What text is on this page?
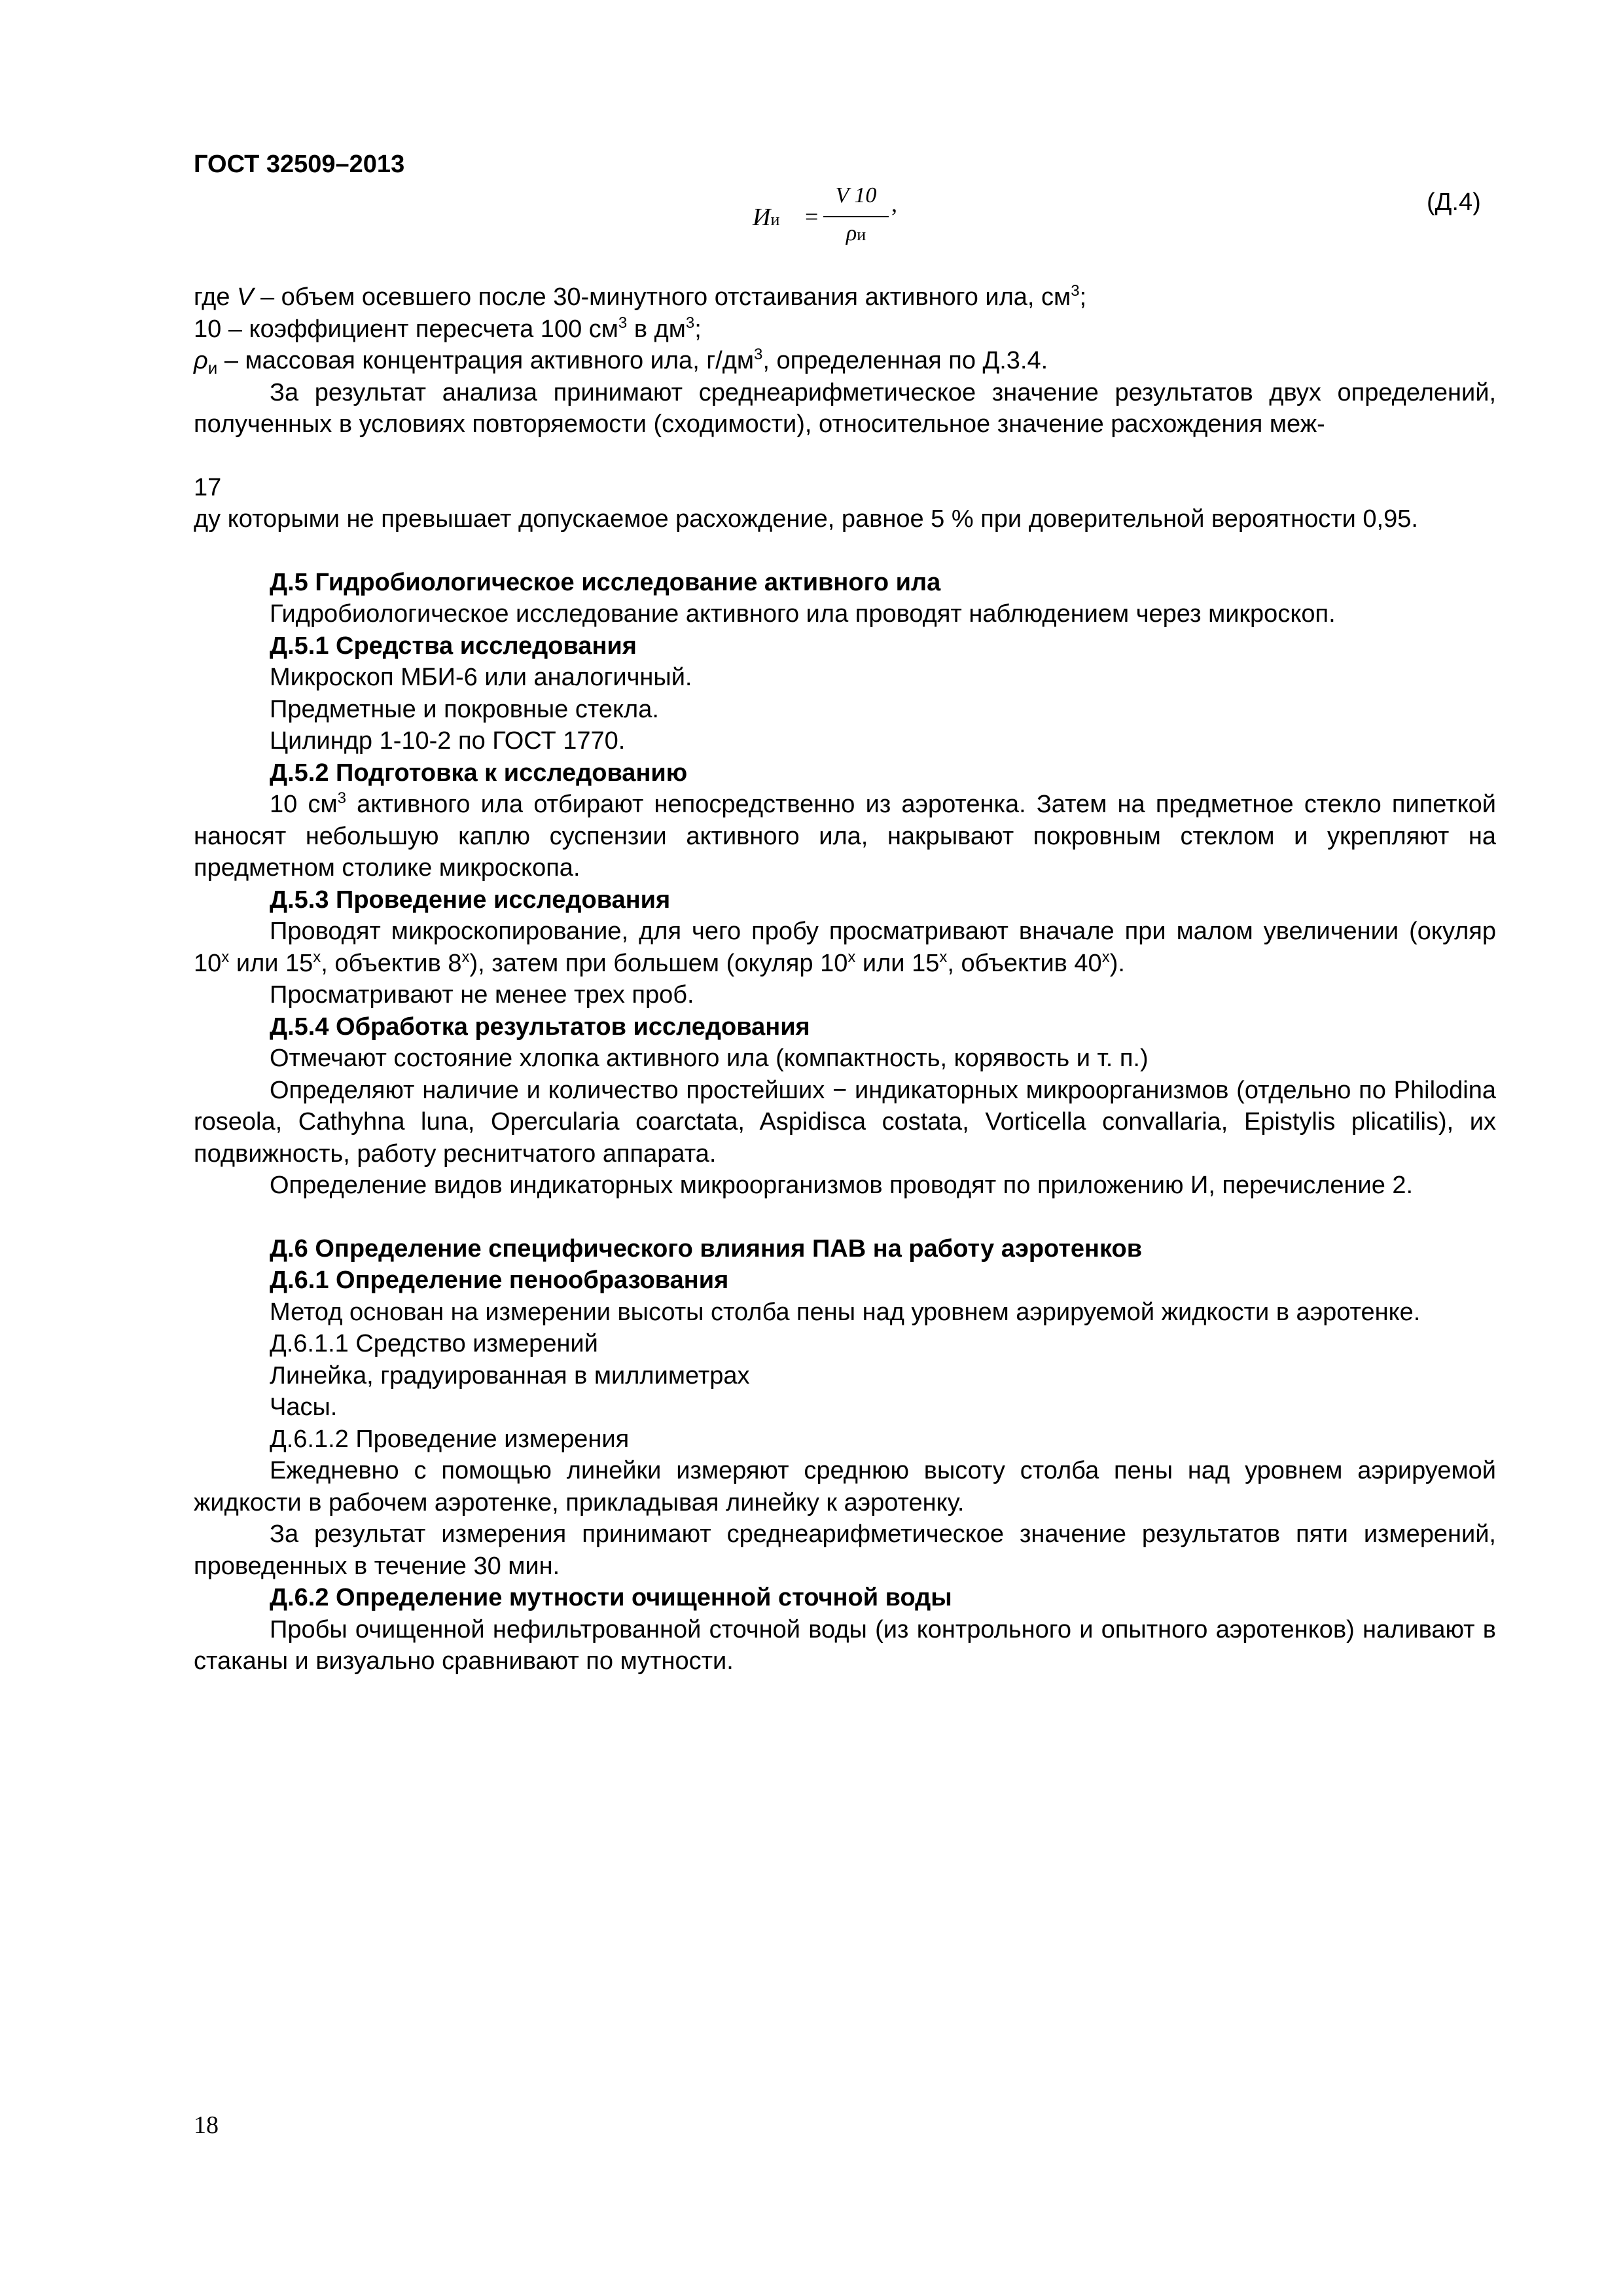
ГОСТ 32509–2013
Ии =
V 10
ρи
,	(Д.4)

где V – объем осевшего после 30-минутного отстаивания активного ила, $см^3$;

10 – коэффициент пересчета 100 $см^3$ в $дм^3$;

$\rho_и$ – массовая концентрация активного ила, $г/дм^3$, определенная по Д.3.4.

За результат анализа принимают среднеарифметическое значение результатов двух определений, полученных в условиях повторяемости (сходимости), относительное значение расхождения меж-

17

ду которыми не превышает допускаемое расхождение, равное 5 % при доверительной вероятности 0,95.

Д.5 Гидробиологическое исследование активного ила

Гидробиологическое исследование активного ила проводят наблюдением через микроскоп.

Д.5.1 Средства исследования

Микроскоп МБИ-6 или аналогичный.

Предметные и покровные стекла.

Цилиндр 1-10-2 по ГОСТ 1770.

Д.5.2 Подготовка к исследованию

10 $см^3$ активного ила отбирают непосредственно из аэротенка. Затем на предметное стекло пипеткой наносят небольшую каплю суспензии активного ила, накрывают покровным стеклом и укрепляют на предметном столике микроскопа.

Д.5.3 Проведение исследования

Проводят микроскопирование, для чего пробу просматривают вначале при малом увеличении (окуляр 10$^x$ или 15$^x$, объектив 8$^x$), затем при большем (окуляр 10$^x$ или 15$^x$, объектив 40$^x$).

Просматривают не менее трех проб.

Д.5.4 Обработка результатов исследования

Отмечают состояние хлопка активного ила (компактность, корявость и т. п.)

Определяют наличие и количество простейших − индикаторных микроорганизмов (отдельно по Philodina roseola, Cathyhna luna, Opercularia coarctata, Aspidisca costata, Vorticella convallaria, Epistylis plicatilis), их подвижность, работу реснитчатого аппарата.

Определение видов индикаторных микроорганизмов проводят по приложению И, перечисление 2.

Д.6 Определение специфического влияния ПАВ на работу аэротенков

Д.6.1 Определение пенообразования

Метод основан на измерении высоты столба пены над уровнем аэрируемой жидкости в аэротенке.

Д.6.1.1 Средство измерений

Линейка, градуированная в миллиметрах

Часы.

Д.6.1.2 Проведение измерения

Ежедневно с помощью линейки измеряют среднюю высоту столба пены над уровнем аэрируемой жидкости в рабочем аэротенке, прикладывая линейку к аэротенку.

За результат измерения принимают среднеарифметическое значение результатов пяти измерений, проведенных в течение 30 мин.

Д.6.2 Определение мутности очищенной сточной воды

Пробы очищенной нефильтрованной сточной воды (из контрольного и опытного аэротенков) наливают в стаканы и визуально сравнивают по мутности.

18
